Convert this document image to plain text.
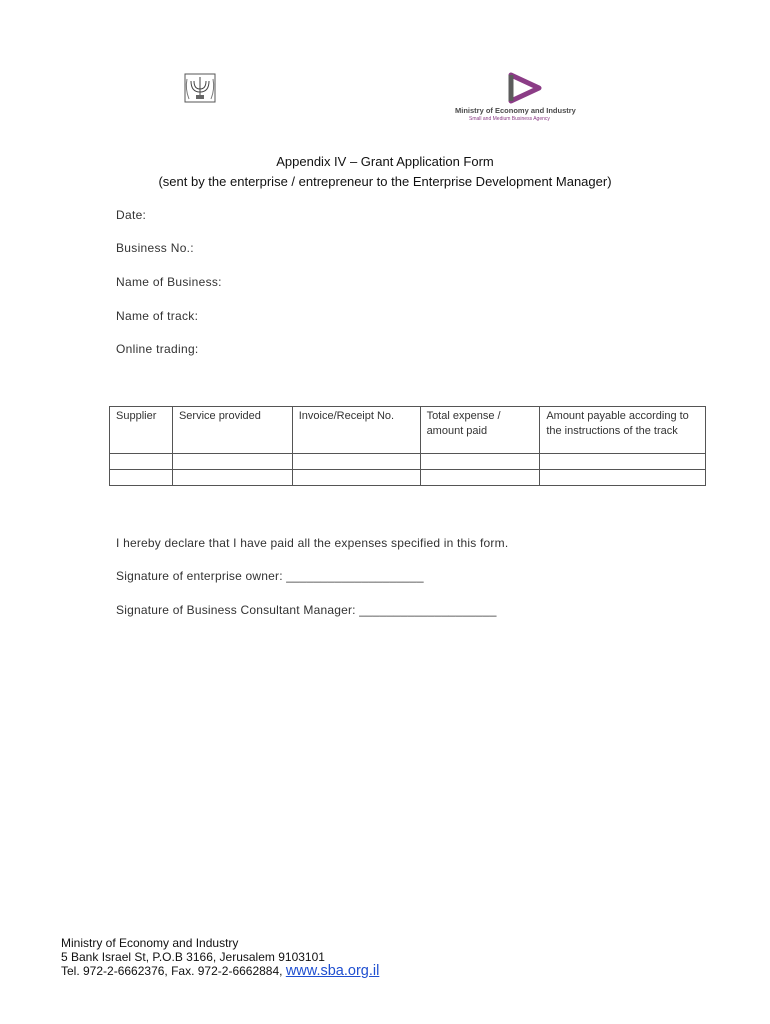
Ministry of Economy and Industry
Small and Medium Business Agency
Appendix IV – Grant Application Form
(sent by the enterprise / entrepreneur to the Enterprise Development Manager)
Date:
Business No.:
Name of Business:
Name of track:
Online trading:
Supplier	Service provided	Invoice/Receipt No.	Total expense / amount paid	Amount payable according to the instructions of the track

I hereby declare that I have paid all the expenses specified in this form.
Signature of enterprise owner: ____________________
Signature of Business Consultant Manager: ____________________
Ministry of Economy and Industry
5 Bank Israel St, P.O.B 3166, Jerusalem 9103101
Tel. 972-2-6662376, Fax. 972-2-6662884, www.sba.org.il
